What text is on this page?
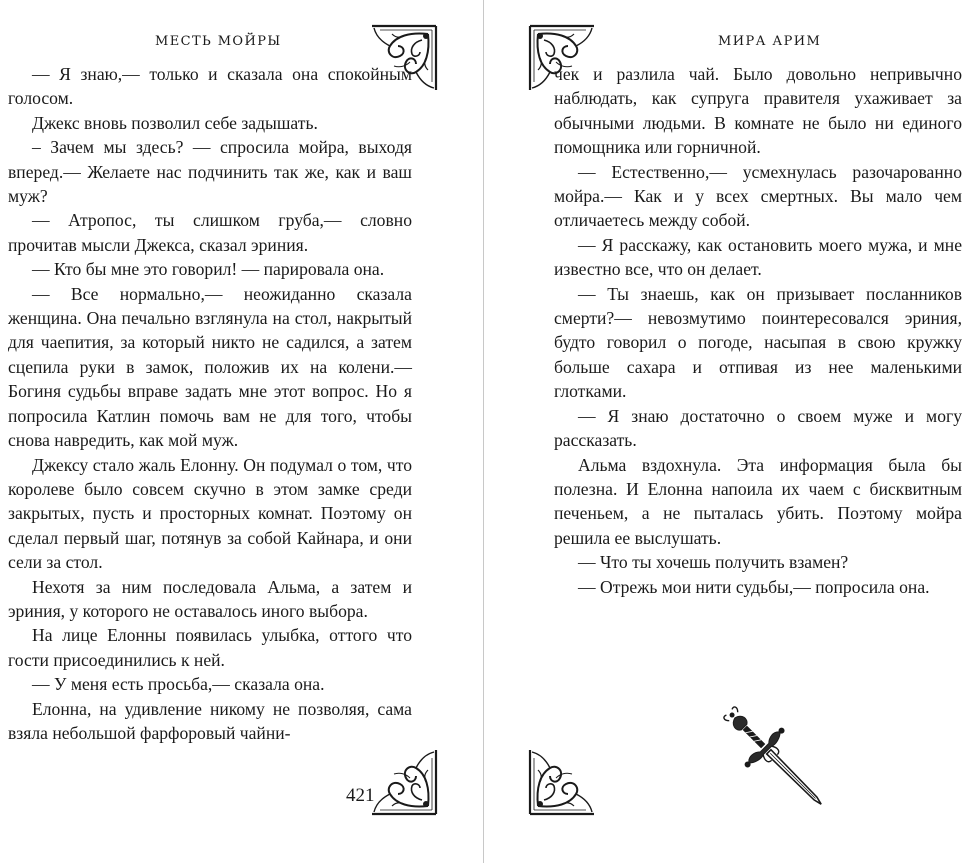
МЕСТЬ МОЙРЫ

— Я знаю,— только и сказала она спокойным голосом.

Джекс вновь позволил себе задышать.

– Зачем мы здесь? — спросила мойра, выходя вперед.— Желаете нас подчинить так же, как и ваш муж?

— Атропос, ты слишком груба,— словно прочитав мысли Джекса, сказал эриния.

— Кто бы мне это говорил! — парировала она.

— Все нормально,— неожиданно сказала женщина. Она печально взглянула на стол, накрытый для чаепития, за который никто не садился, а затем сцепила руки в замок, положив их на колени.— Богиня судьбы вправе задать мне этот вопрос. Но я попросила Катлин помочь вам не для того, чтобы снова навредить, как мой муж.

Джексу стало жаль Елонну. Он подумал о том, что королеве было совсем скучно в этом замке среди закрытых, пусть и просторных комнат. Поэтому он сделал первый шаг, потянув за собой Кайнара, и они сели за стол.

Нехотя за ним последовала Альма, а затем и эриния, у которого не оставалось иного выбора.

На лице Елонны появилась улыбка, оттого что гости присоединились к ней.

— У меня есть просьба,— сказала она.

Елонна, на удивление никому не позволяя, сама взяла небольшой фарфоровый чайни-

421
МИРА АРИМ

чек и разлила чай. Было довольно непривычно наблюдать, как супруга правителя ухаживает за обычными людьми. В комнате не было ни единого помощника или горничной.

— Естественно,— усмехнулась разочарованно мойра.— Как и у всех смертных. Вы мало чем отличаетесь между собой.

— Я расскажу, как остановить моего мужа, и мне известно все, что он делает.

— Ты знаешь, как он призывает посланников смерти?— невозмутимо поинтересовался эриния, будто говорил о погоде, насыпая в свою кружку больше сахара и отпивая из нее маленькими глотками.

— Я знаю достаточно о своем муже и могу рассказать.

Альма вздохнула. Эта информация была бы полезна. И Елонна напоила их чаем с бисквитным печеньем, а не пыталась убить. Поэтому мойра решила ее выслушать.

— Что ты хочешь получить взамен?

— Отрежь мои нити судьбы,— попросила она.
